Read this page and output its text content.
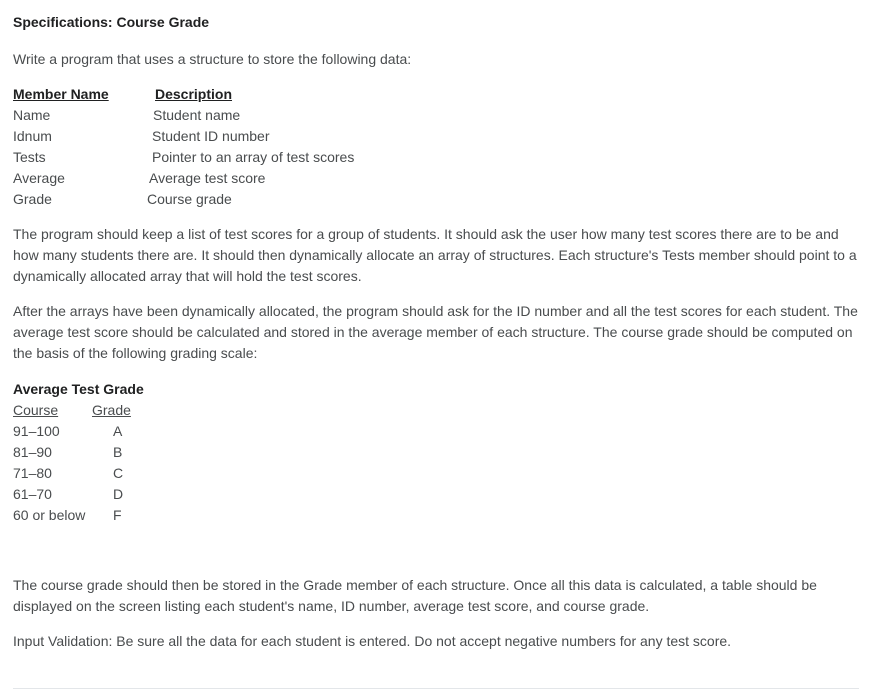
Specifications: Course Grade
Write a program that uses a structure to store the following data:
Member Name	Description
Name	Student name
Idnum	Student ID number
Tests	Pointer to an array of test scores
Average	Average test score
Grade	Course grade
The program should keep a list of test scores for a group of students. It should ask the user how many test scores there are to be and how many students there are. It should then dynamically allocate an array of structures. Each structure's Tests member should point to a dynamically allocated array that will hold the test scores.
After the arrays have been dynamically allocated, the program should ask for the ID number and all the test scores for each student. The average test score should be calculated and stored in the average member of each structure. The course grade should be computed on the basis of the following grading scale:
Average Test Grade
Course Grade
91–100	A
81–90	B
71–80	C
61–70	D
60 or below F
The course grade should then be stored in the Grade member of each structure. Once all this data is calculated, a table should be displayed on the screen listing each student's name, ID number, average test score, and course grade.
Input Validation: Be sure all the data for each student is entered. Do not accept negative numbers for any test score.
